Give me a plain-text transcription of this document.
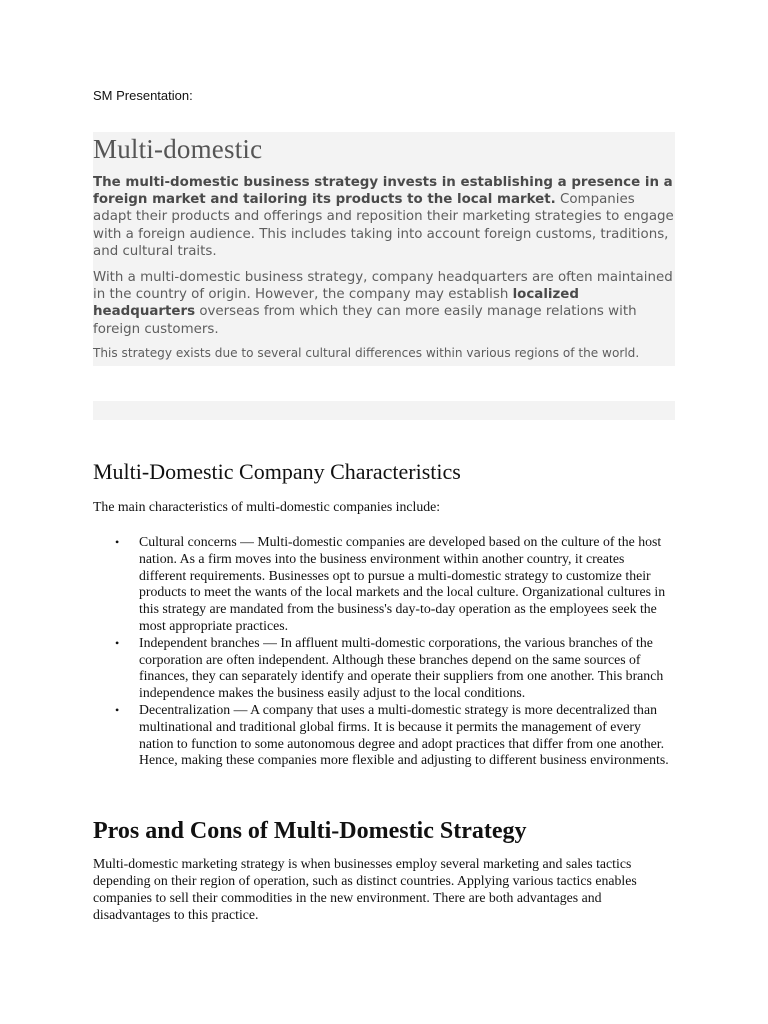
SM Presentation:
Multi-domestic

The multi-domestic business strategy invests in establishing a presence in a foreign market and tailoring its products to the local market. Companies adapt their products and offerings and reposition their marketing strategies to engage with a foreign audience. This includes taking into account foreign customs, traditions, and cultural traits.

With a multi-domestic business strategy, company headquarters are often maintained in the country of origin. However, the company may establish localized headquarters overseas from which they can more easily manage relations with foreign customers.

This strategy exists due to several cultural differences within various regions of the world.

Multi-Domestic Company Characteristics

The main characteristics of multi-domestic companies include:

• Cultural concerns — Multi-domestic companies are developed based on the culture of the host nation. As a firm moves into the business environment within another country, it creates different requirements. Businesses opt to pursue a multi-domestic strategy to customize their products to meet the wants of the local markets and the local culture. Organizational cultures in this strategy are mandated from the business's day-to-day operation as the employees seek the most appropriate practices.
• Independent branches — In affluent multi-domestic corporations, the various branches of the corporation are often independent. Although these branches depend on the same sources of finances, they can separately identify and operate their suppliers from one another. This branch independence makes the business easily adjust to the local conditions.
• Decentralization — A company that uses a multi-domestic strategy is more decentralized than multinational and traditional global firms. It is because it permits the management of every nation to function to some autonomous degree and adopt practices that differ from one another. Hence, making these companies more flexible and adjusting to different business environments.
Pros and Cons of Multi-Domestic Strategy

Multi-domestic marketing strategy is when businesses employ several marketing and sales tactics depending on their region of operation, such as distinct countries. Applying various tactics enables companies to sell their commodities in the new environment. There are both advantages and disadvantages to this practice.
